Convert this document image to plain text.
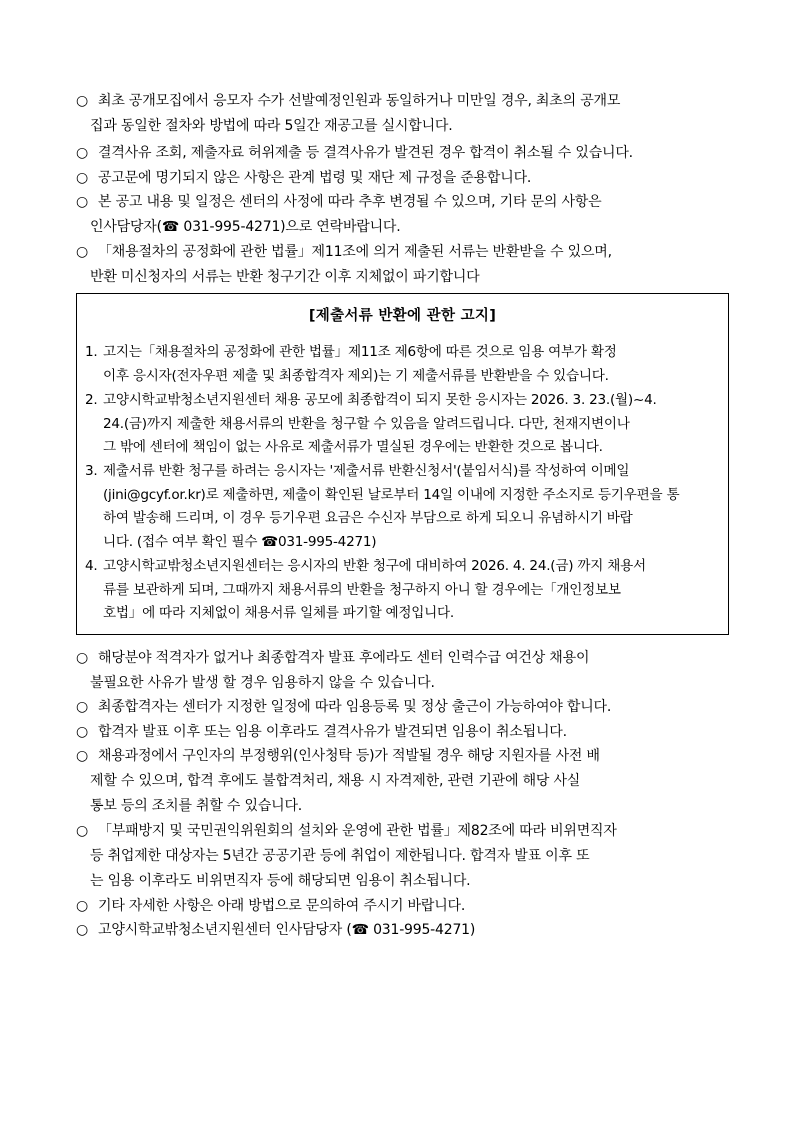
○ 최초 공개모집에서 응모자 수가 선발예정인원과 동일하거나 미만일 경우, 최초의 공개모
집과 동일한 절차와 방법에 따라 5일간 재공고를 실시합니다.
○ 결격사유 조회, 제출자료 허위제출 등 결격사유가 발견된 경우 합격이 취소될 수 있습니다.
○ 공고문에 명기되지 않은 사항은 관계 법령 및 재단 제 규정을 준용합니다.
○ 본 공고 내용 및 일정은 센터의 사정에 따라 추후 변경될 수 있으며, 기타 문의 사항은
인사담당자(☎ 031-995-4271)으로 연락바랍니다.
○ 「채용절차의 공정화에 관한 법률」제11조에 의거 제출된 서류는 반환받을 수 있으며,
반환 미신청자의 서류는 반환 청구기간 이후 지체없이 파기합니다
[제출서류 반환에 관한 고지]
1. 고지는「채용절차의 공정화에 관한 법률」제11조 제6항에 따른 것으로 임용 여부가 확정
이후 응시자(전자우편 제출 및 최종합격자 제외)는 기 제출서류를 반환받을 수 있습니다.
2. 고양시학교밖청소년지원센터 채용 공모에 최종합격이 되지 못한 응시자는 2026. 3. 23.(월)~4.
24.(금)까지 제출한 채용서류의 반환을 청구할 수 있음을 알려드립니다. 다만, 천재지변이나
그 밖에 센터에 책임이 없는 사유로 제출서류가 멸실된 경우에는 반환한 것으로 봅니다.
3. 제출서류 반환 청구를 하려는 응시자는 '제출서류 반환신청서'(붙임서식)를 작성하여 이메일
(jini@gcyf.or.kr)로 제출하면, 제출이 확인된 날로부터 14일 이내에 지정한 주소지로 등기우편을 통
하여 발송해 드리며, 이 경우 등기우편 요금은 수신자 부담으로 하게 되오니 유념하시기 바랍
니다. (접수 여부 확인 필수 ☎031-995-4271)
4. 고양시학교밖청소년지원센터는 응시자의 반환 청구에 대비하여 2026. 4. 24.(금) 까지 채용서
류를 보관하게 되며, 그때까지 채용서류의 반환을 청구하지 아니 할 경우에는「개인정보보
호법」에 따라 지체없이 채용서류 일체를 파기할 예정입니다.
○ 해당분야 적격자가 없거나 최종합격자 발표 후에라도 센터 인력수급 여건상 채용이
불필요한 사유가 발생 할 경우 임용하지 않을 수 있습니다.
○ 최종합격자는 센터가 지정한 일정에 따라 임용등록 및 정상 출근이 가능하여야 합니다.
○ 합격자 발표 이후 또는 임용 이후라도 결격사유가 발견되면 임용이 취소됩니다.
○ 채용과정에서 구인자의 부정행위(인사청탁 등)가 적발될 경우 해당 지원자를 사전 배
제할 수 있으며, 합격 후에도 불합격처리, 채용 시 자격제한, 관련 기관에 해당 사실
통보 등의 조치를 취할 수 있습니다.
○ 「부패방지 및 국민권익위원회의 설치와 운영에 관한 법률」제82조에 따라 비위면직자
등 취업제한 대상자는 5년간 공공기관 등에 취업이 제한됩니다. 합격자 발표 이후 또
는 임용 이후라도 비위면직자 등에 해당되면 임용이 취소됩니다.
○ 기타 자세한 사항은 아래 방법으로 문의하여 주시기 바랍니다.
○ 고양시학교밖청소년지원센터 인사담당자 (☎ 031-995-4271)
